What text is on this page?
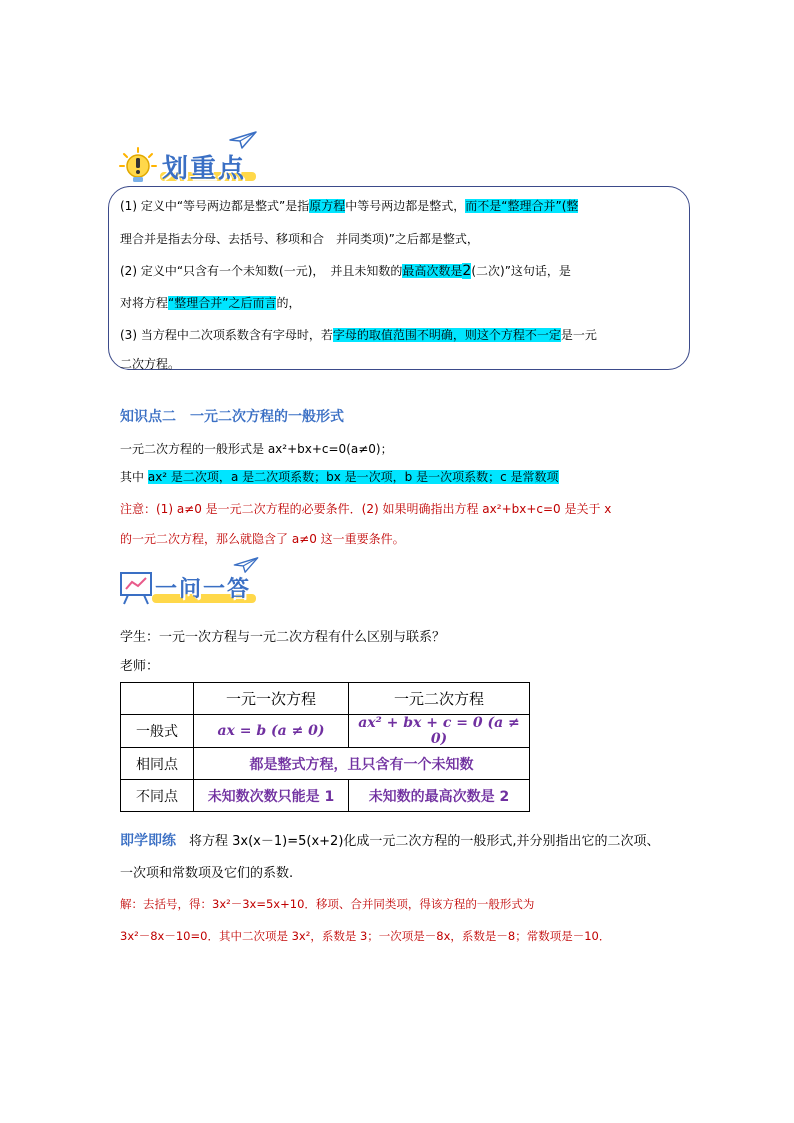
划重点
(1) 定义中“等号两边都是整式”是指原方程中等号两边都是整式，而不是“整理合并”(整
理合并是指去分母、去括号、移项和合　并同类项)”之后都是整式，
(2) 定义中“只含有一个未知数(一元)，　并且未知数的最高次数是2(二次)”这句话，是
对将方程“整理合并”之后而言的，
(3) 当方程中二次项系数含有字母时，若字母的取值范围不明确，则这个方程不一定是一元
二次方程。
知识点二　一元二次方程的一般形式
一元二次方程的一般形式是 ax²+bx+c=0(a≠0)；
其中 ax² 是二次项，a 是二次项系数；bx 是一次项，b 是一次项系数；c 是常数项
注意：(1) a≠0 是一元二次方程的必要条件．(2) 如果明确指出方程 ax²+bx+c=0 是关于 x
的一元二次方程，那么就隐含了 a≠0 这一重要条件。
一问一答
学生：一元一次方程与一元二次方程有什么区别与联系？
老师：
	一元一次方程	一元二次方程
一般式	ax = b (a ≠ 0)	ax² + bx + c = 0 (a ≠ 0)
相同点	都是整式方程，且只含有一个未知数	
不同点	未知数次数只能是 1	未知数的最高次数是 2
即学即练　 将方程 3x(x－1)=5(x+2)化成一元二次方程的一般形式,并分别指出它的二次项、
一次项和常数项及它们的系数.
解：去括号，得：3x²－3x=5x+10．移项、合并同类项，得该方程的一般形式为
3x²－8x－10=0．其中二次项是 3x²，系数是 3；一次项是－8x，系数是－8；常数项是－10．
